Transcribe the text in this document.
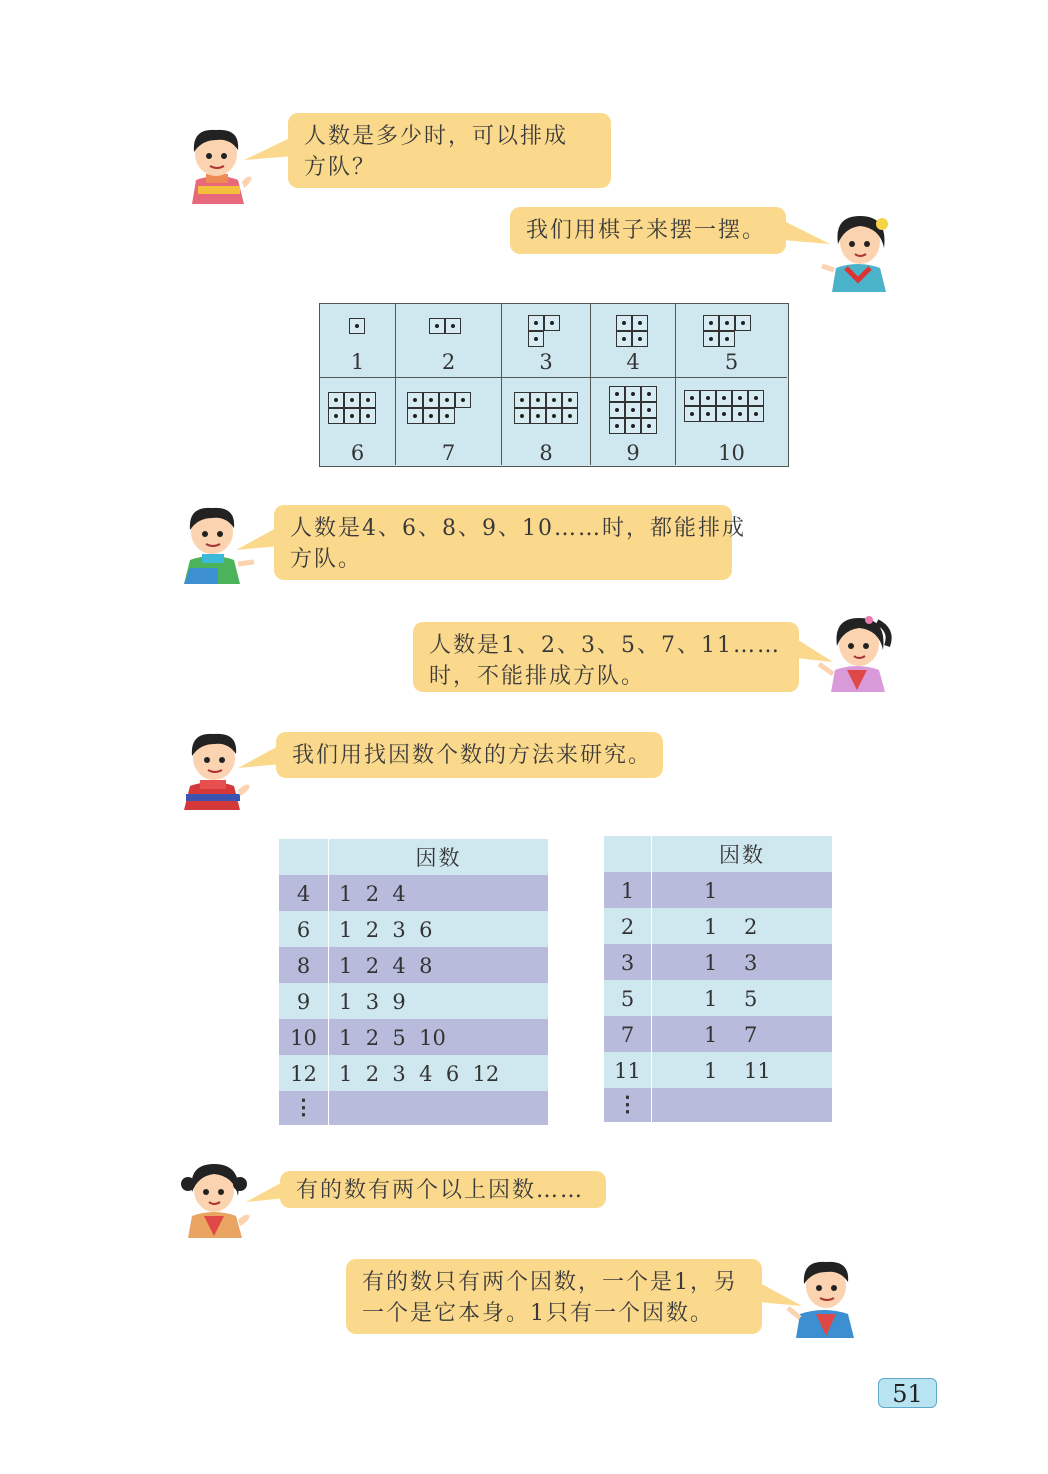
人数是多少时，可以排成
方队？
我们用棋子来摆一摆。
1	2	3	4	5
6	7	8	9	10
人数是4、6、8、9、10……时，都能排成
方队。
人数是1、2、3、5、7、11……
时，不能排成方队。
我们用找因数个数的方法来研究。
因数
4	1  2  4
6	1  2  3  6
8	1  2  4  8
9	1  3  9
10	1  2  5  10
12	1  2  3  4  6  12
⋮
因数
1	1
2	1    2
3	1    3
5	1    5
7	1    7
11	1    11
⋮
有的数有两个以上因数……
有的数只有两个因数，一个是1，另
一个是它本身。1只有一个因数。
51
